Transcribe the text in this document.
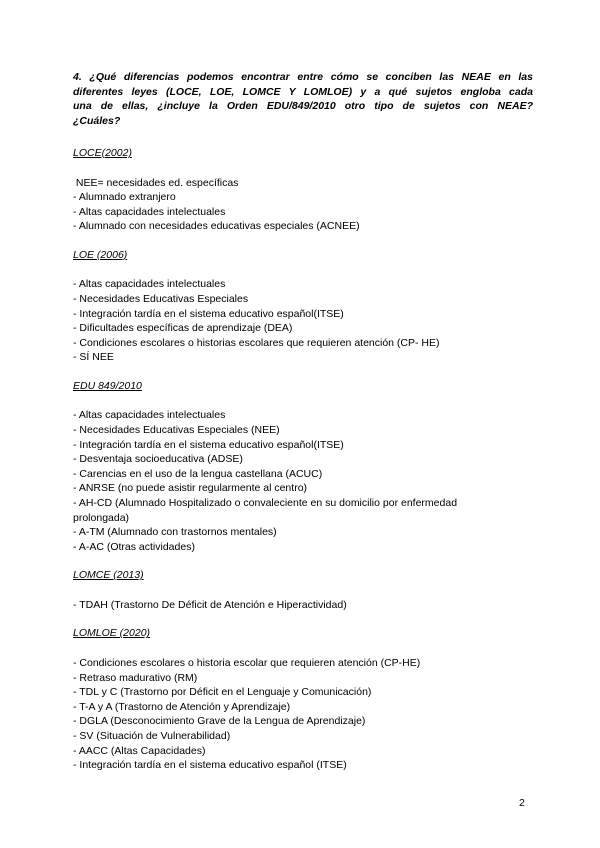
4. ¿Qué diferencias podemos encontrar entre cómo se conciben las NEAE en las
diferentes leyes (LOCE, LOE, LOMCE Y LOMLOE) y a qué sujetos engloba cada
una de ellas, ¿incluye la Orden EDU/849/2010 otro tipo de sujetos con NEAE?
¿Cuáles?

LOCE(2002)

NEE= necesidades ed. específicas
- Alumnado extranjero
- Altas capacidades intelectuales
- Alumnado con necesidades educativas especiales (ACNEE)

LOE (2006)

- Altas capacidades intelectuales
- Necesidades Educativas Especiales
- Integración tardía en el sistema educativo español(ITSE)
- Dificultades específicas de aprendizaje (DEA)
- Condiciones escolares o historias escolares que requieren atención (CP- HE)
- SÍ NEE

EDU 849/2010

- Altas capacidades intelectuales
- Necesidades Educativas Especiales (NEE)
- Integración tardía en el sistema educativo español(ITSE)
- Desventaja socioeducativa (ADSE)
- Carencias en el uso de la lengua castellana (ACUC)
- ANRSE (no puede asistir regularmente al centro)
- AH-CD (Alumnado Hospitalizado o convaleciente en su domicilio por enfermedad
prolongada)
- A-TM (Alumnado con trastornos mentales)
- A-AC (Otras actividades)

LOMCE (2013)

- TDAH (Trastorno De Déficit de Atención e Hiperactividad)

LOMLOE (2020)

- Condiciones escolares o historia escolar que requieren atención (CP-HE)
- Retraso madurativo (RM)
- TDL y C (Trastorno por Déficit en el Lenguaje y Comunicación)
- T-A y A (Trastorno de Atención y Aprendizaje)
- DGLA (Desconocimiento Grave de la Lengua de Aprendizaje)
- SV (Situación de Vulnerabilidad)
- AACC (Altas Capacidades)
- Integración tardía en el sistema educativo español (ITSE)
2
